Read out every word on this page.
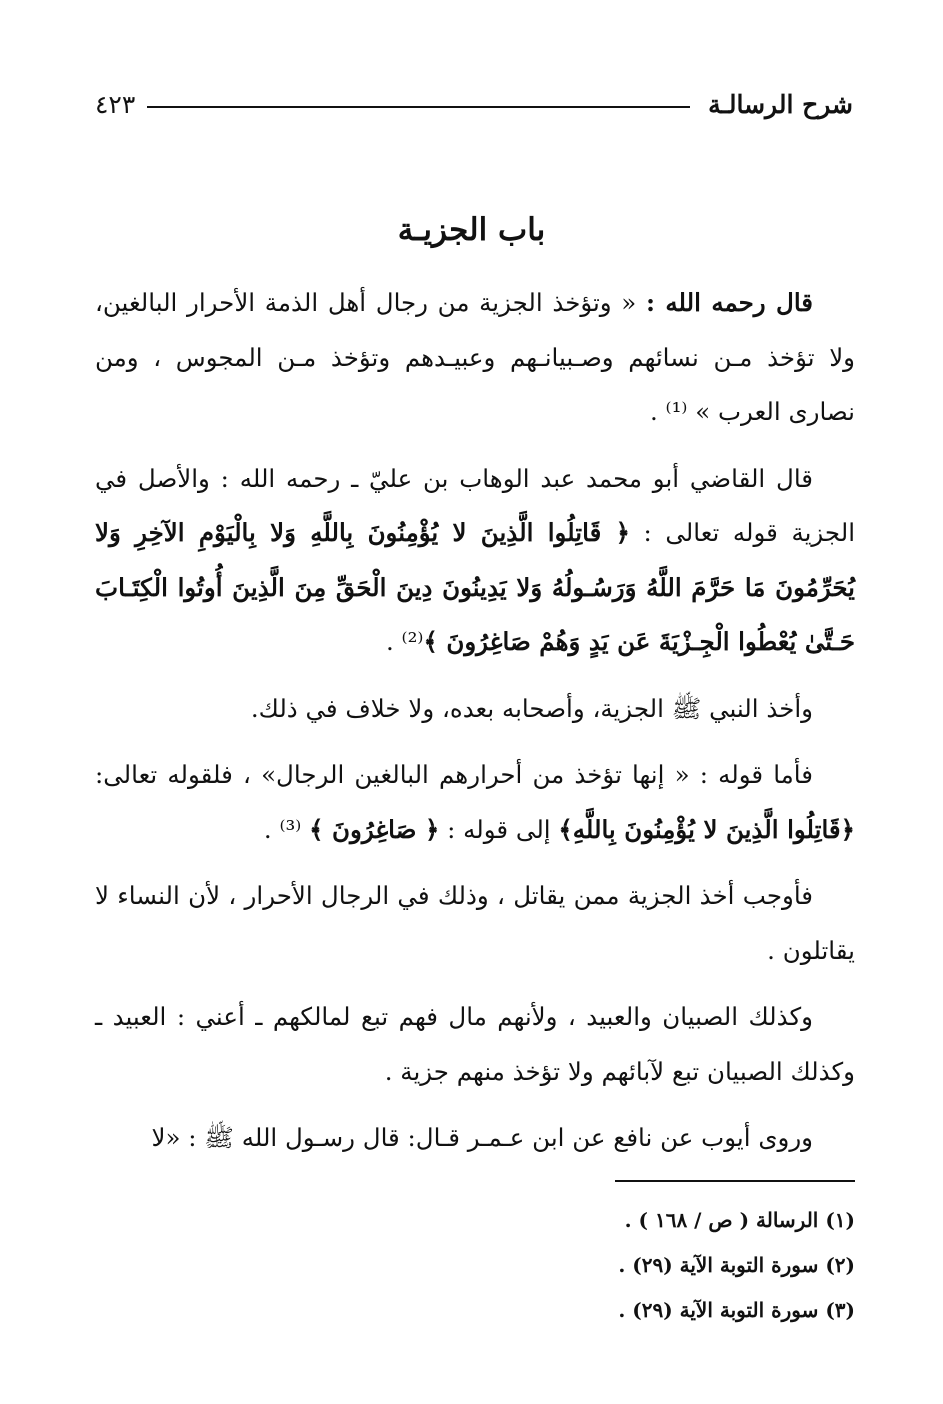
شرح الرسالـة
٤٢٣
باب الجزيـة

قال رحمه الله : « وتؤخذ الجزية من رجال أهل الذمة الأحرار البالغين، ولا تؤخذ مـن نسائهم وصـبيانـهم وعبيـدهم وتؤخذ مـن المجوس ، ومن نصارى العرب » ⁽¹⁾ .

قال القاضي أبو محمد عبد الوهاب بن عليّ ـ رحمه الله : والأصل في الجزية قوله تعالى : ﴿ قَاتِلُوا الَّذِينَ لا يُؤْمِنُونَ بِاللَّهِ وَلا بِالْيَوْمِ الآخِرِ وَلا يُحَرِّمُونَ مَا حَرَّمَ اللَّهُ وَرَسُـولُهُ وَلا يَدِينُونَ دِينَ الْحَقِّ مِنَ الَّذِينَ أُوتُوا الْكِتَـابَ حَـتَّىٰ يُعْطُوا الْجِـزْيَةَ عَن يَدٍ وَهُمْ صَاغِرُونَ ﴾⁽²⁾ .

وأخذ النبي ﷺ الجزية، وأصحابه بعده، ولا خلاف في ذلك.

فأما قوله : « إنها تؤخذ من أحرارهم البالغين الرجال» ، فلقوله تعالى: ﴿قَاتِلُوا الَّذِينَ لا يُؤْمِنُونَ بِاللَّهِ﴾ إلى قوله : ﴿ صَاغِرُونَ ﴾ ⁽³⁾ .

فأوجب أخذ الجزية ممن يقاتل ، وذلك في الرجال الأحرار ، لأن النساء لا يقاتلون .

وكذلك الصبيان والعبيد ، ولأنهم مال فهم تبع لمالكهم ـ أعني : العبيد ـ وكذلك الصبيان تبع لآبائهم ولا تؤخذ منهم جزية .

وروى أيوب عن نافع عن ابن عـمـر قـال: قال رسـول الله ﷺ : «لا

(١) الرسالة ( ص / ١٦٨ ) .

(٢) سورة التوبة الآية (٢٩) .

(٣) سورة التوبة الآية (٢٩) .
